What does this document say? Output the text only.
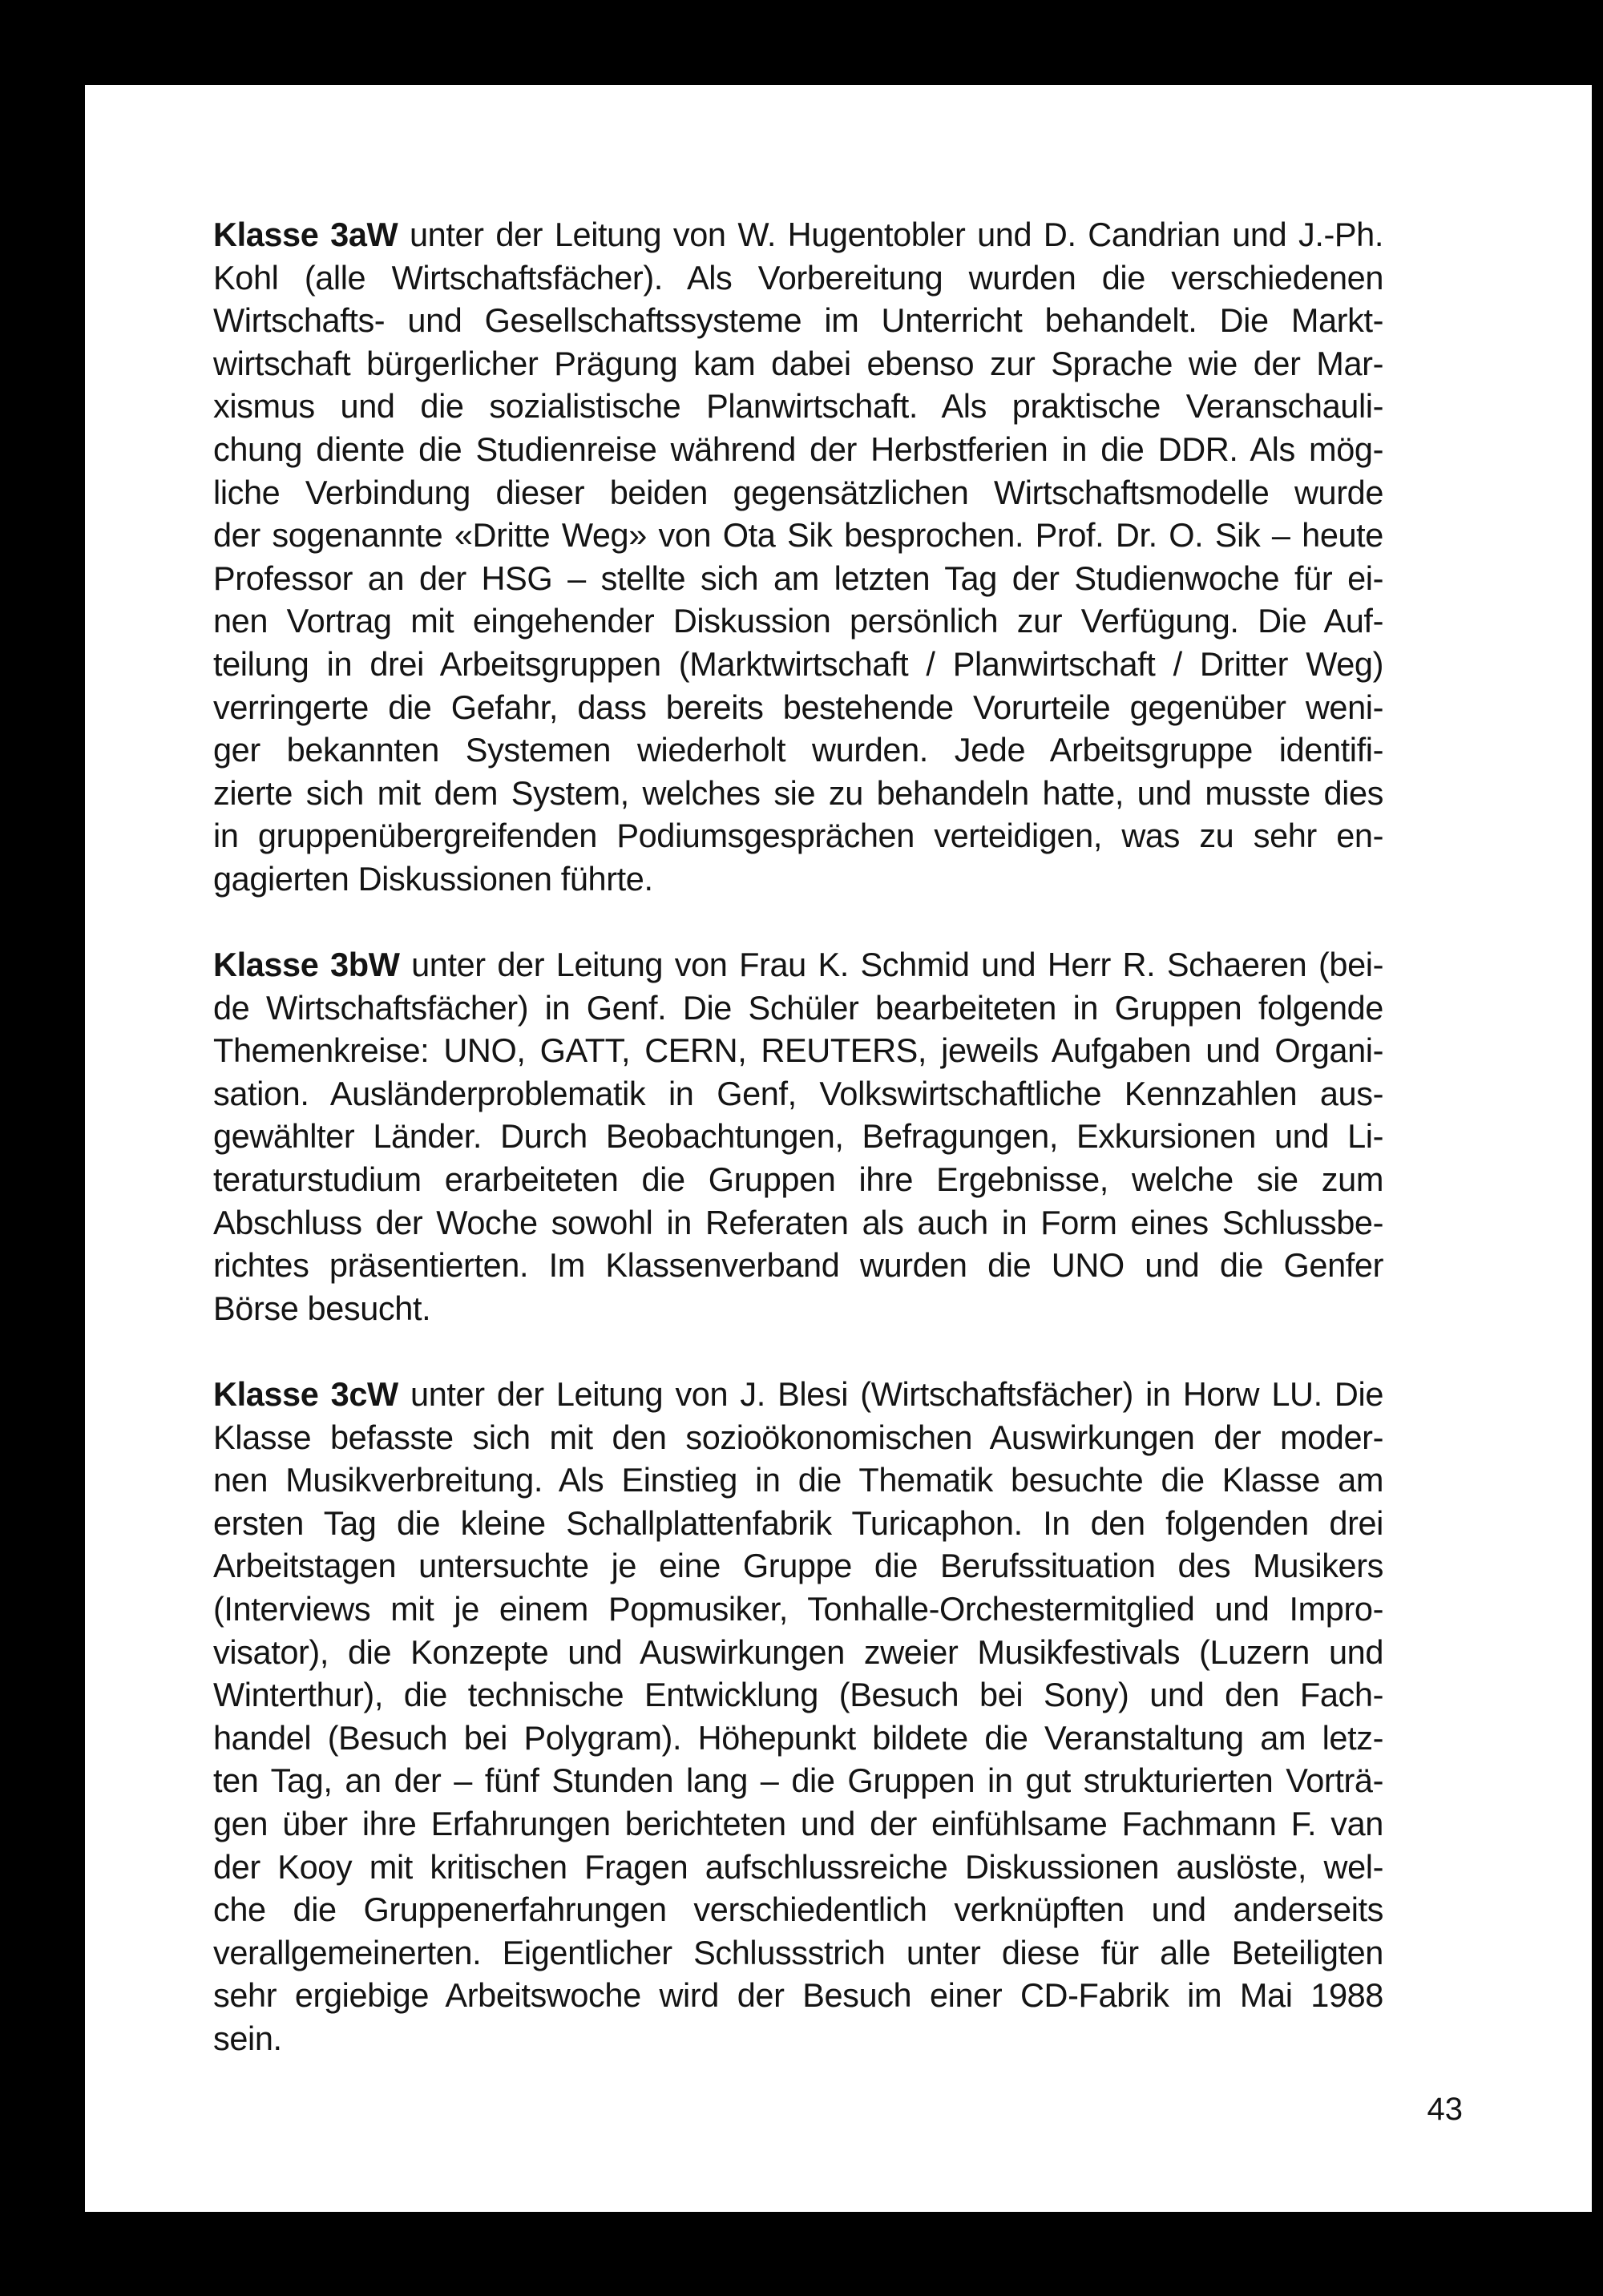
Klasse 3aW unter der Leitung von W. Hugentobler und D. Candrian und J.-Ph.
Kohl (alle Wirtschaftsfächer). Als Vorbereitung wurden die verschiedenen
Wirtschafts- und Gesellschaftssysteme im Unterricht behandelt. Die Markt-
wirtschaft bürgerlicher Prägung kam dabei ebenso zur Sprache wie der Mar-
xismus und die sozialistische Planwirtschaft. Als praktische Veranschauli-
chung diente die Studienreise während der Herbstferien in die DDR. Als mög-
liche Verbindung dieser beiden gegensätzlichen Wirtschaftsmodelle wurde
der sogenannte «Dritte Weg» von Ota Sik besprochen. Prof. Dr. O. Sik – heute
Professor an der HSG – stellte sich am letzten Tag der Studienwoche für ei-
nen Vortrag mit eingehender Diskussion persönlich zur Verfügung. Die Auf-
teilung in drei Arbeitsgruppen (Marktwirtschaft / Planwirtschaft / Dritter Weg)
verringerte die Gefahr, dass bereits bestehende Vorurteile gegenüber weni-
ger bekannten Systemen wiederholt wurden. Jede Arbeitsgruppe identifi-
zierte sich mit dem System, welches sie zu behandeln hatte, und musste dies
in gruppenübergreifenden Podiumsgesprächen verteidigen, was zu sehr en-
gagierten Diskussionen führte.
Klasse 3bW unter der Leitung von Frau K. Schmid und Herr R. Schaeren (bei-
de Wirtschaftsfächer) in Genf. Die Schüler bearbeiteten in Gruppen folgende
Themenkreise: UNO, GATT, CERN, REUTERS, jeweils Aufgaben und Organi-
sation. Ausländerproblematik in Genf, Volkswirtschaftliche Kennzahlen aus-
gewählter Länder. Durch Beobachtungen, Befragungen, Exkursionen und Li-
teraturstudium erarbeiteten die Gruppen ihre Ergebnisse, welche sie zum
Abschluss der Woche sowohl in Referaten als auch in Form eines Schlussbe-
richtes präsentierten. Im Klassenverband wurden die UNO und die Genfer
Börse besucht.
Klasse 3cW unter der Leitung von J. Blesi (Wirtschaftsfächer) in Horw LU. Die
Klasse befasste sich mit den sozioökonomischen Auswirkungen der moder-
nen Musikverbreitung. Als Einstieg in die Thematik besuchte die Klasse am
ersten Tag die kleine Schallplattenfabrik Turicaphon. In den folgenden drei
Arbeitstagen untersuchte je eine Gruppe die Berufssituation des Musikers
(Interviews mit je einem Popmusiker, Tonhalle-Orchestermitglied und Impro-
visator), die Konzepte und Auswirkungen zweier Musikfestivals (Luzern und
Winterthur), die technische Entwicklung (Besuch bei Sony) und den Fach-
handel (Besuch bei Polygram). Höhepunkt bildete die Veranstaltung am letz-
ten Tag, an der – fünf Stunden lang – die Gruppen in gut strukturierten Vorträ-
gen über ihre Erfahrungen berichteten und der einfühlsame Fachmann F. van
der Kooy mit kritischen Fragen aufschlussreiche Diskussionen auslöste, wel-
che die Gruppenerfahrungen verschiedentlich verknüpften und anderseits
verallgemeinerten. Eigentlicher Schlussstrich unter diese für alle Beteiligten
sehr ergiebige Arbeitswoche wird der Besuch einer CD-Fabrik im Mai 1988
sein.
43
